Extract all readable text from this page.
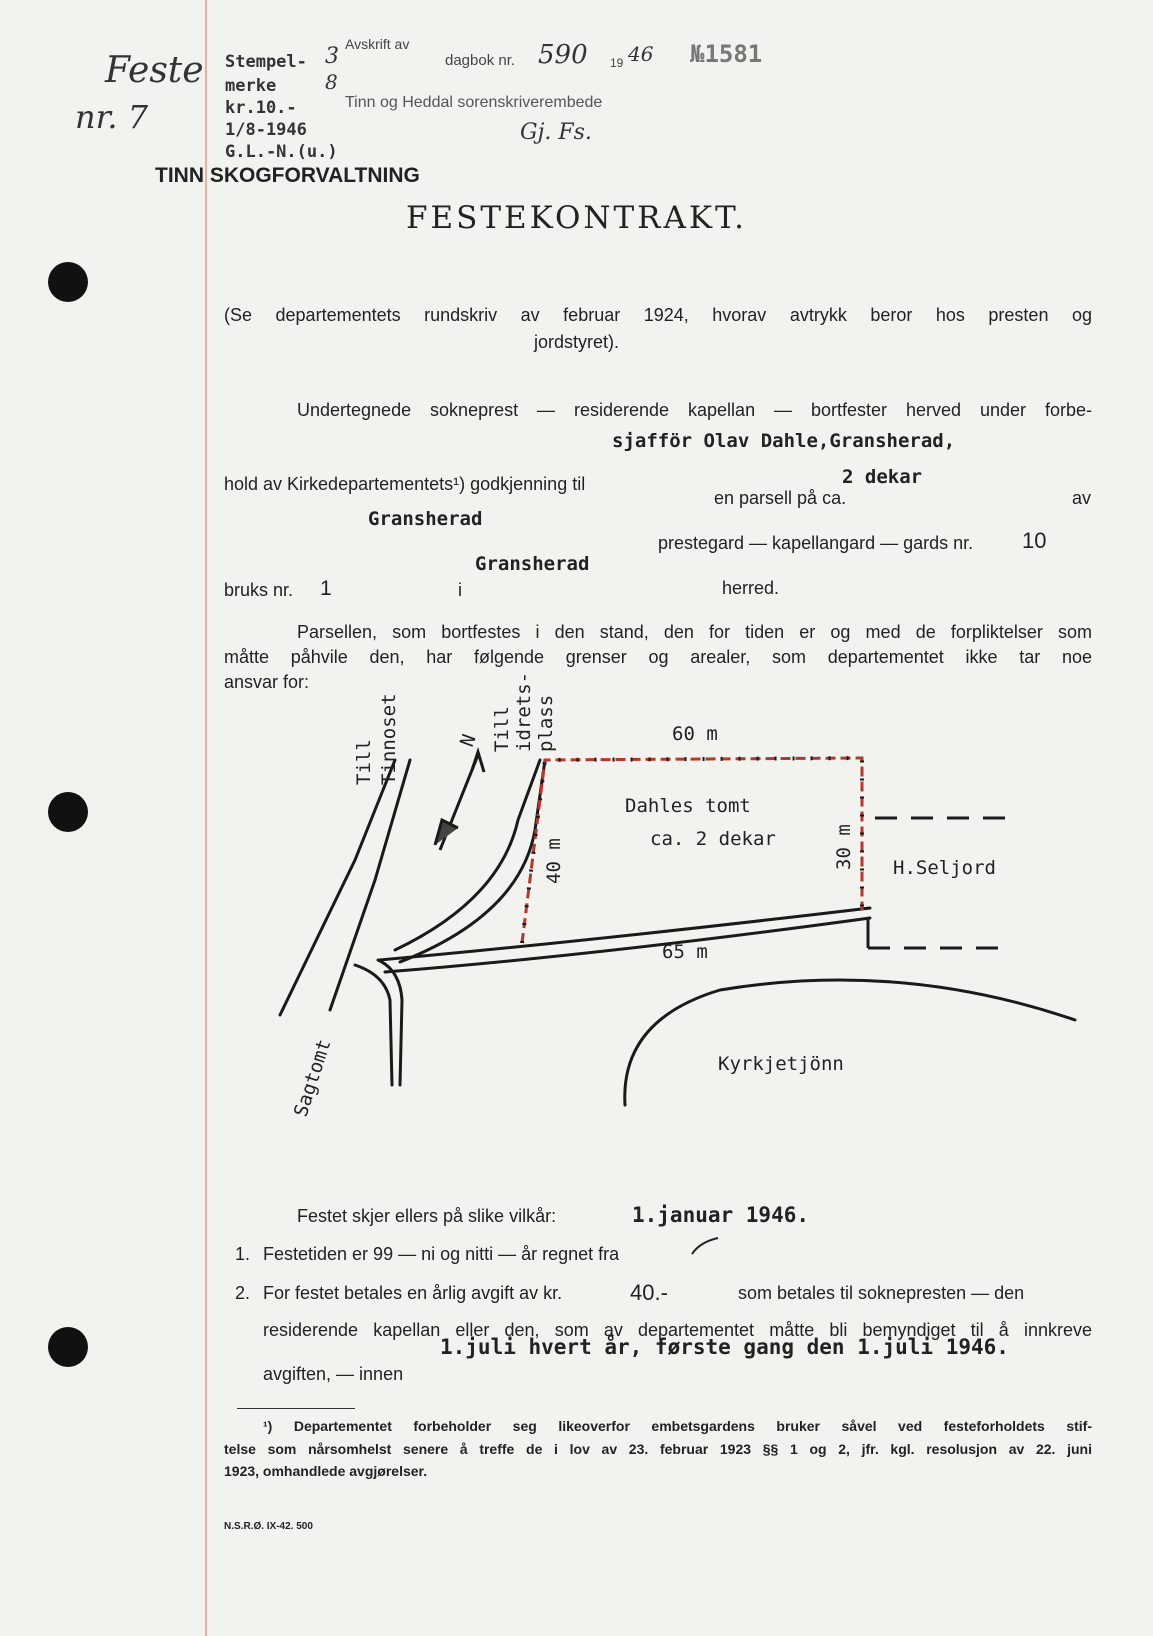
Feste
nr. 7
Stempel-
merke
kr.10.-
1/8-1946
G.L.-N.(u.)
3
8
Avskrift av
dagbok nr. 590 19 46 №1581
Tinn og Heddal sorenskriverembede
Gj. Fs.
TINN SKOGFORVALTNING
FESTEKONTRAKT.
(Se departementets rundskriv av februar 1924, hvorav avtrykk beror hos presten og
jordstyret).
Undertegnede sokneprest — residerende kapellan — bortfester herved under forbe-
sjafför Olav Dahle,Gransherad,
hold av Kirkedepartementets¹) godkjenning til	2 dekar
en parsell på ca.	av
Gransherad
prestegard — kapellangard — gards nr. 10
Gransherad
bruks nr. 1	i	herred.
Parsellen, som bortfestes i den stand, den for tiden er og med de forpliktelser som
måtte påhvile den, har følgende grenser og arealer, som departementet ikke tar noe
ansvar for:
N
Till Tinnoset	Till idrets- plass	60 m
40 m	30 m
65 m
Dahles tomt
ca. 2 dekar
H.Seljord
Kyrkjetjönn
Sagtomt
Festet skjer ellers på slike vilkår:	1.januar 1946.
1. Festetiden er 99 — ni og nitti — år regnet fra
2. For festet betales en årlig avgift av kr.	40.-	som betales til soknepresten — den
residerende kapellan eller den, som av departementet måtte bli bemyndiget til å innkreve
1.juli hvert år, første gang den 1.juli 1946.
avgiften, — innen
¹) Departementet forbeholder seg likeoverfor embetsgardens bruker såvel ved festeforholdets stif-
telse som nårsomhelst senere å treffe de i lov av 23. februar 1923 §§ 1 og 2, jfr. kgl. resolusjon av 22. juni
1923, omhandlede avgjørelser.
N.S.R.Ø. IX-42. 500
